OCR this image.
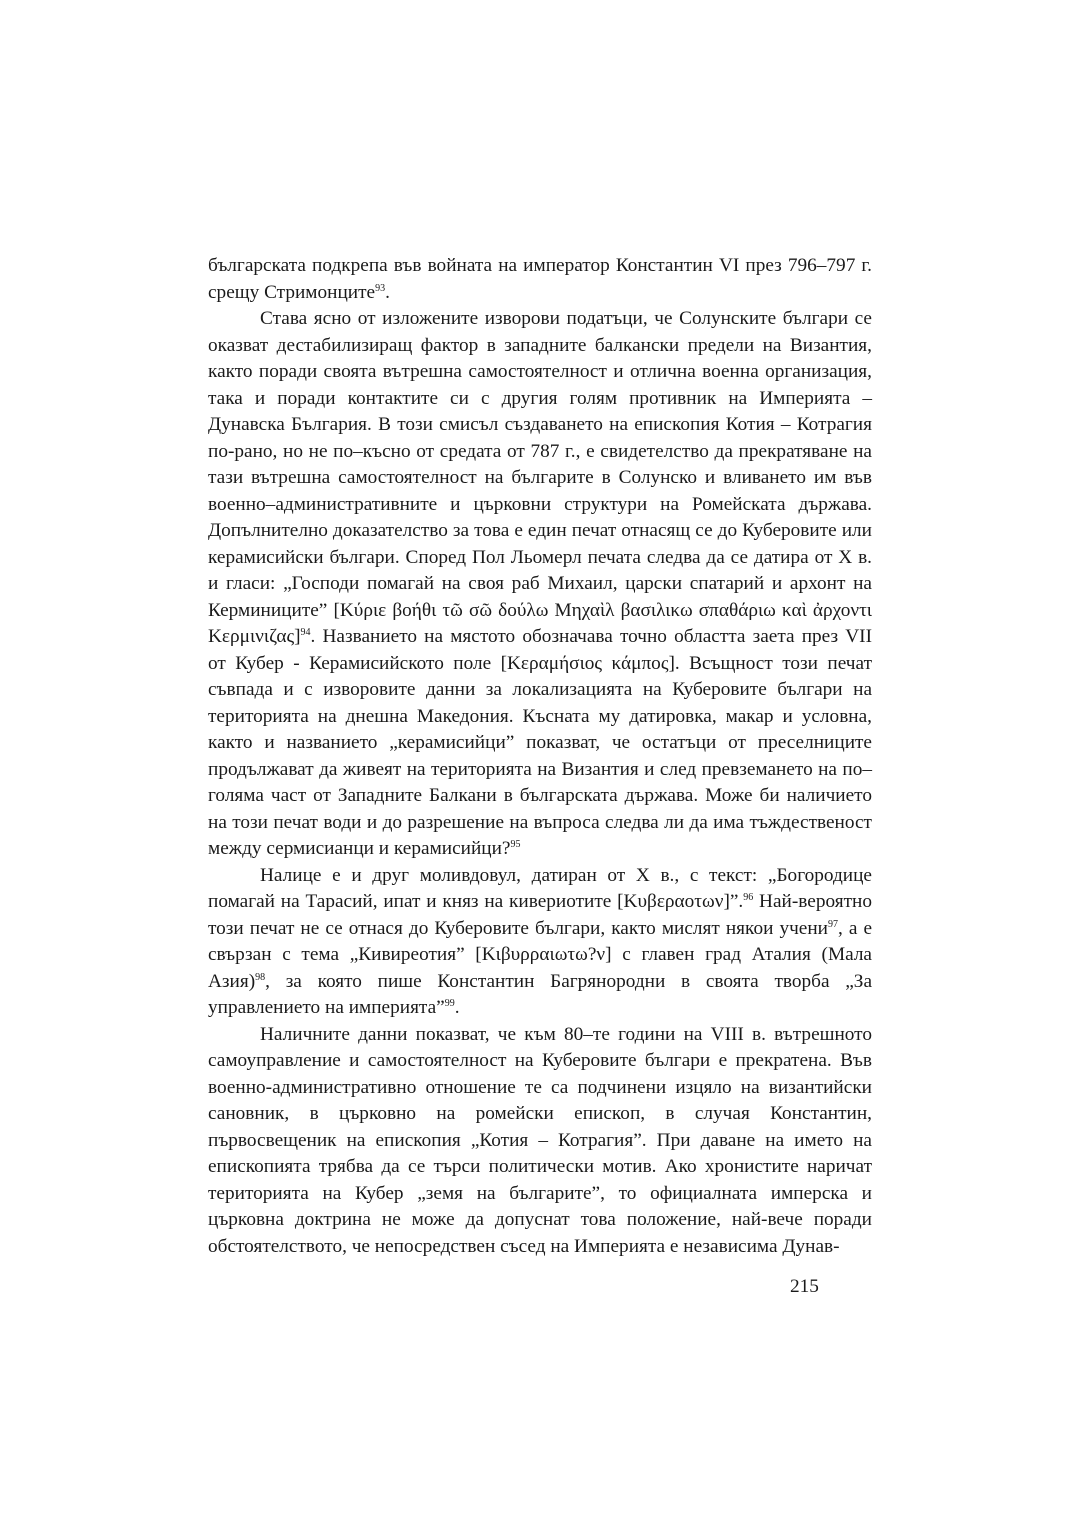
българската подкрепа във войната на император Константин VI през 796–797 г. срещу Стримонците$^{93}$.

Става ясно от изложените изворови податъци, че Солунските българи се оказват дестабилизиращ фактор в западните балкански предели на Византия, както поради своята вътрешна самостоятелност и отлична военна организация, така и поради контактите си с другия голям противник на Империята – Дунавска България. В този смисъл създаването на епископия Котия – Котрагия по-рано, но не по–късно от средата от 787 г., е свидетелство да прекратяване на тази вътрешна самостоятелност на българите в Солунско и вливането им във военно–административните и църковни структури на Ромейската държава. Допълнително доказателство за това е един печат отнасящ се до Куберовите или керамисийски българи. Според Пол Льомерл печата следва да се датира от X в. и гласи: „Господи помагай на своя раб Михаил, царски спатарий и архонт на Керминиците” [Κύριε βοήθι τῶ σῶ δούλω Μηχαὶλ βασιλικω σπαθάριω καὶ ἀρχοντι Κερμινιζας]$^{94}$. Названието на мястото обозначава точно областта заета през VII от Кубер - Керамисийското поле [Κεραμήσιος κάμπος]. Всъщност този печат съвпада и с изворовите данни за локализацията на Куберовите българи на територията на днешна Македония. Късната му датировка, макар и условна, както и названието „керамисийци” показват, че остатъци от преселниците продължават да живеят на територията на Византия и след превземането на по–голяма част от Западните Балкани в българската държава. Може би наличието на този печат води и до разрешение на въпроса следва ли да има тъждественост между сермисианци и керамисийци?$^{95}$

Налице е и друг моливдовул, датиран от X в., с текст: „Богородице помагай на Тарасий, ипат и княз на кивериотите [Κυβεραοτων]”.$^{96}$ Най-вероятно този печат не се отнася до Куберовите българи, както мислят някои учени$^{97}$, а е свързан с тема „Кивиреотия” [Κιβυρραιωτω?ν] с главен град Аталия (Мала Азия)$^{98}$, за която пише Константин Багрянородни в своята творба „За управлението на империята”$^{99}$.

Наличните данни показват, че към 80–те години на VIII в. вътрешното самоуправление и самостоятелност на Куберовите българи е прекратена. Във военно-административно отношение те са подчинени изцяло на византийски сановник, в църковно на ромейски епископ, в случая Константин, първосвещеник на епископия „Котия – Котрагия”. При даване на името на епископията трябва да се търси политически мотив. Ако хронистите наричат територията на Кубер „земя на българите”, то официалната имперска и църковна доктрина не може да допуснат това положение, най-вече поради обстоятелството, че непосредствен съсед на Империята е независима Дунав-

215
